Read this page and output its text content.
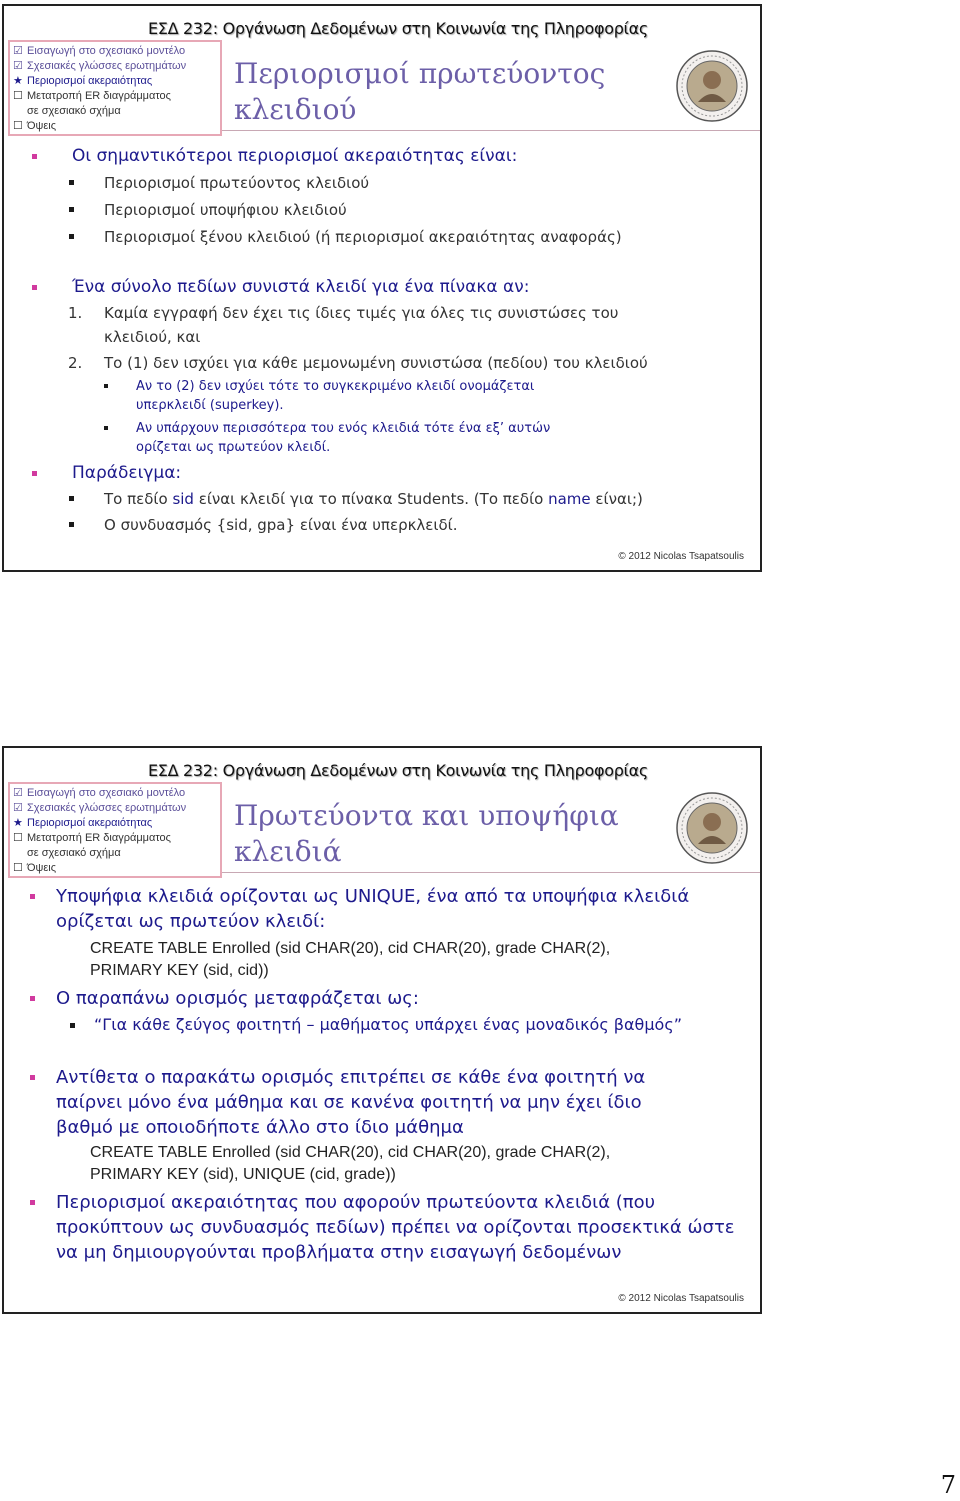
ΕΣΔ 232: Οργάνωση Δεδομένων στη Κοινωνία της Πληροφορίας
☑ Εισαγωγή στο σχεσιακό μοντέλο
☑ Σχεσιακές γλώσσες ερωτημάτων
★ Περιορισμοί ακεραιότητας
☐ Μετατροπή ER διαγράμματος
σε σχεσιακό σχήμα
☐ Όψεις
Περιορισμοί πρωτεύοντος
κλειδιού
Οι σημαντικότεροι περιορισμοί ακεραιότητας είναι:
Περιορισμοί πρωτεύοντος κλειδιού
Περιορισμοί υποψήφιου κλειδιού
Περιορισμοί ξένου κλειδιού (ή περιορισμοί ακεραιότητας αναφοράς)
Ένα σύνολο πεδίων συνιστά κλειδί για ένα πίνακα αν:
1. Καμία εγγραφή δεν έχει τις ίδιες τιμές για όλες τις συνιστώσες του κλειδιού, και
2. Το (1) δεν ισχύει για κάθε μεμονωμένη συνιστώσα (πεδίου) του κλειδιού
Αν το (2) δεν ισχύει τότε το συγκεκριμένο κλειδί ονομάζεται υπερκλειδί (superkey).
Αν υπάρχουν περισσότερα του ενός κλειδιά τότε ένα εξ’ αυτών ορίζεται ως πρωτεύον κλειδί.
Παράδειγμα:
Το πεδίο sid είναι κλειδί για το πίνακα Students. (Το πεδίο name είναι;)
Ο συνδυασμός {sid, gpa} είναι ένα υπερκλειδί.
© 2012 Nicolas Tsapatsoulis
ΕΣΔ 232: Οργάνωση Δεδομένων στη Κοινωνία της Πληροφορίας
☑ Εισαγωγή στο σχεσιακό μοντέλο
☑ Σχεσιακές γλώσσες ερωτημάτων
★ Περιορισμοί ακεραιότητας
☐ Μετατροπή ER διαγράμματος
σε σχεσιακό σχήμα
☐ Όψεις
Πρωτεύοντα και υποψήφια
κλειδιά
Υποψήφια κλειδιά ορίζονται ως UNIQUE, ένα από τα υποψήφια κλειδιά ορίζεται ως πρωτεύον κλειδί:
CREATE TABLE Enrolled (sid CHAR(20), cid CHAR(20), grade CHAR(2),
PRIMARY KEY (sid, cid))
Ο παραπάνω ορισμός μεταφράζεται ως:
“Για κάθε ζεύγος φοιτητή – μαθήματος υπάρχει ένας μοναδικός βαθμός”
Αντίθετα ο παρακάτω ορισμός επιτρέπει σε κάθε ένα φοιτητή να παίρνει μόνο ένα μάθημα και σε κανένα φοιτητή να μην έχει ίδιο βαθμό με οποιοδήποτε άλλο στο ίδιο μάθημα
CREATE TABLE Enrolled (sid CHAR(20), cid CHAR(20), grade CHAR(2),
PRIMARY KEY (sid), UNIQUE (cid, grade))
Περιορισμοί ακεραιότητας που αφορούν πρωτεύοντα κλειδιά (που προκύπτουν ως συνδυασμός πεδίων) πρέπει να ορίζονται προσεκτικά ώστε να μη δημιουργούνται προβλήματα στην εισαγωγή δεδομένων
© 2012 Nicolas Tsapatsoulis
7
